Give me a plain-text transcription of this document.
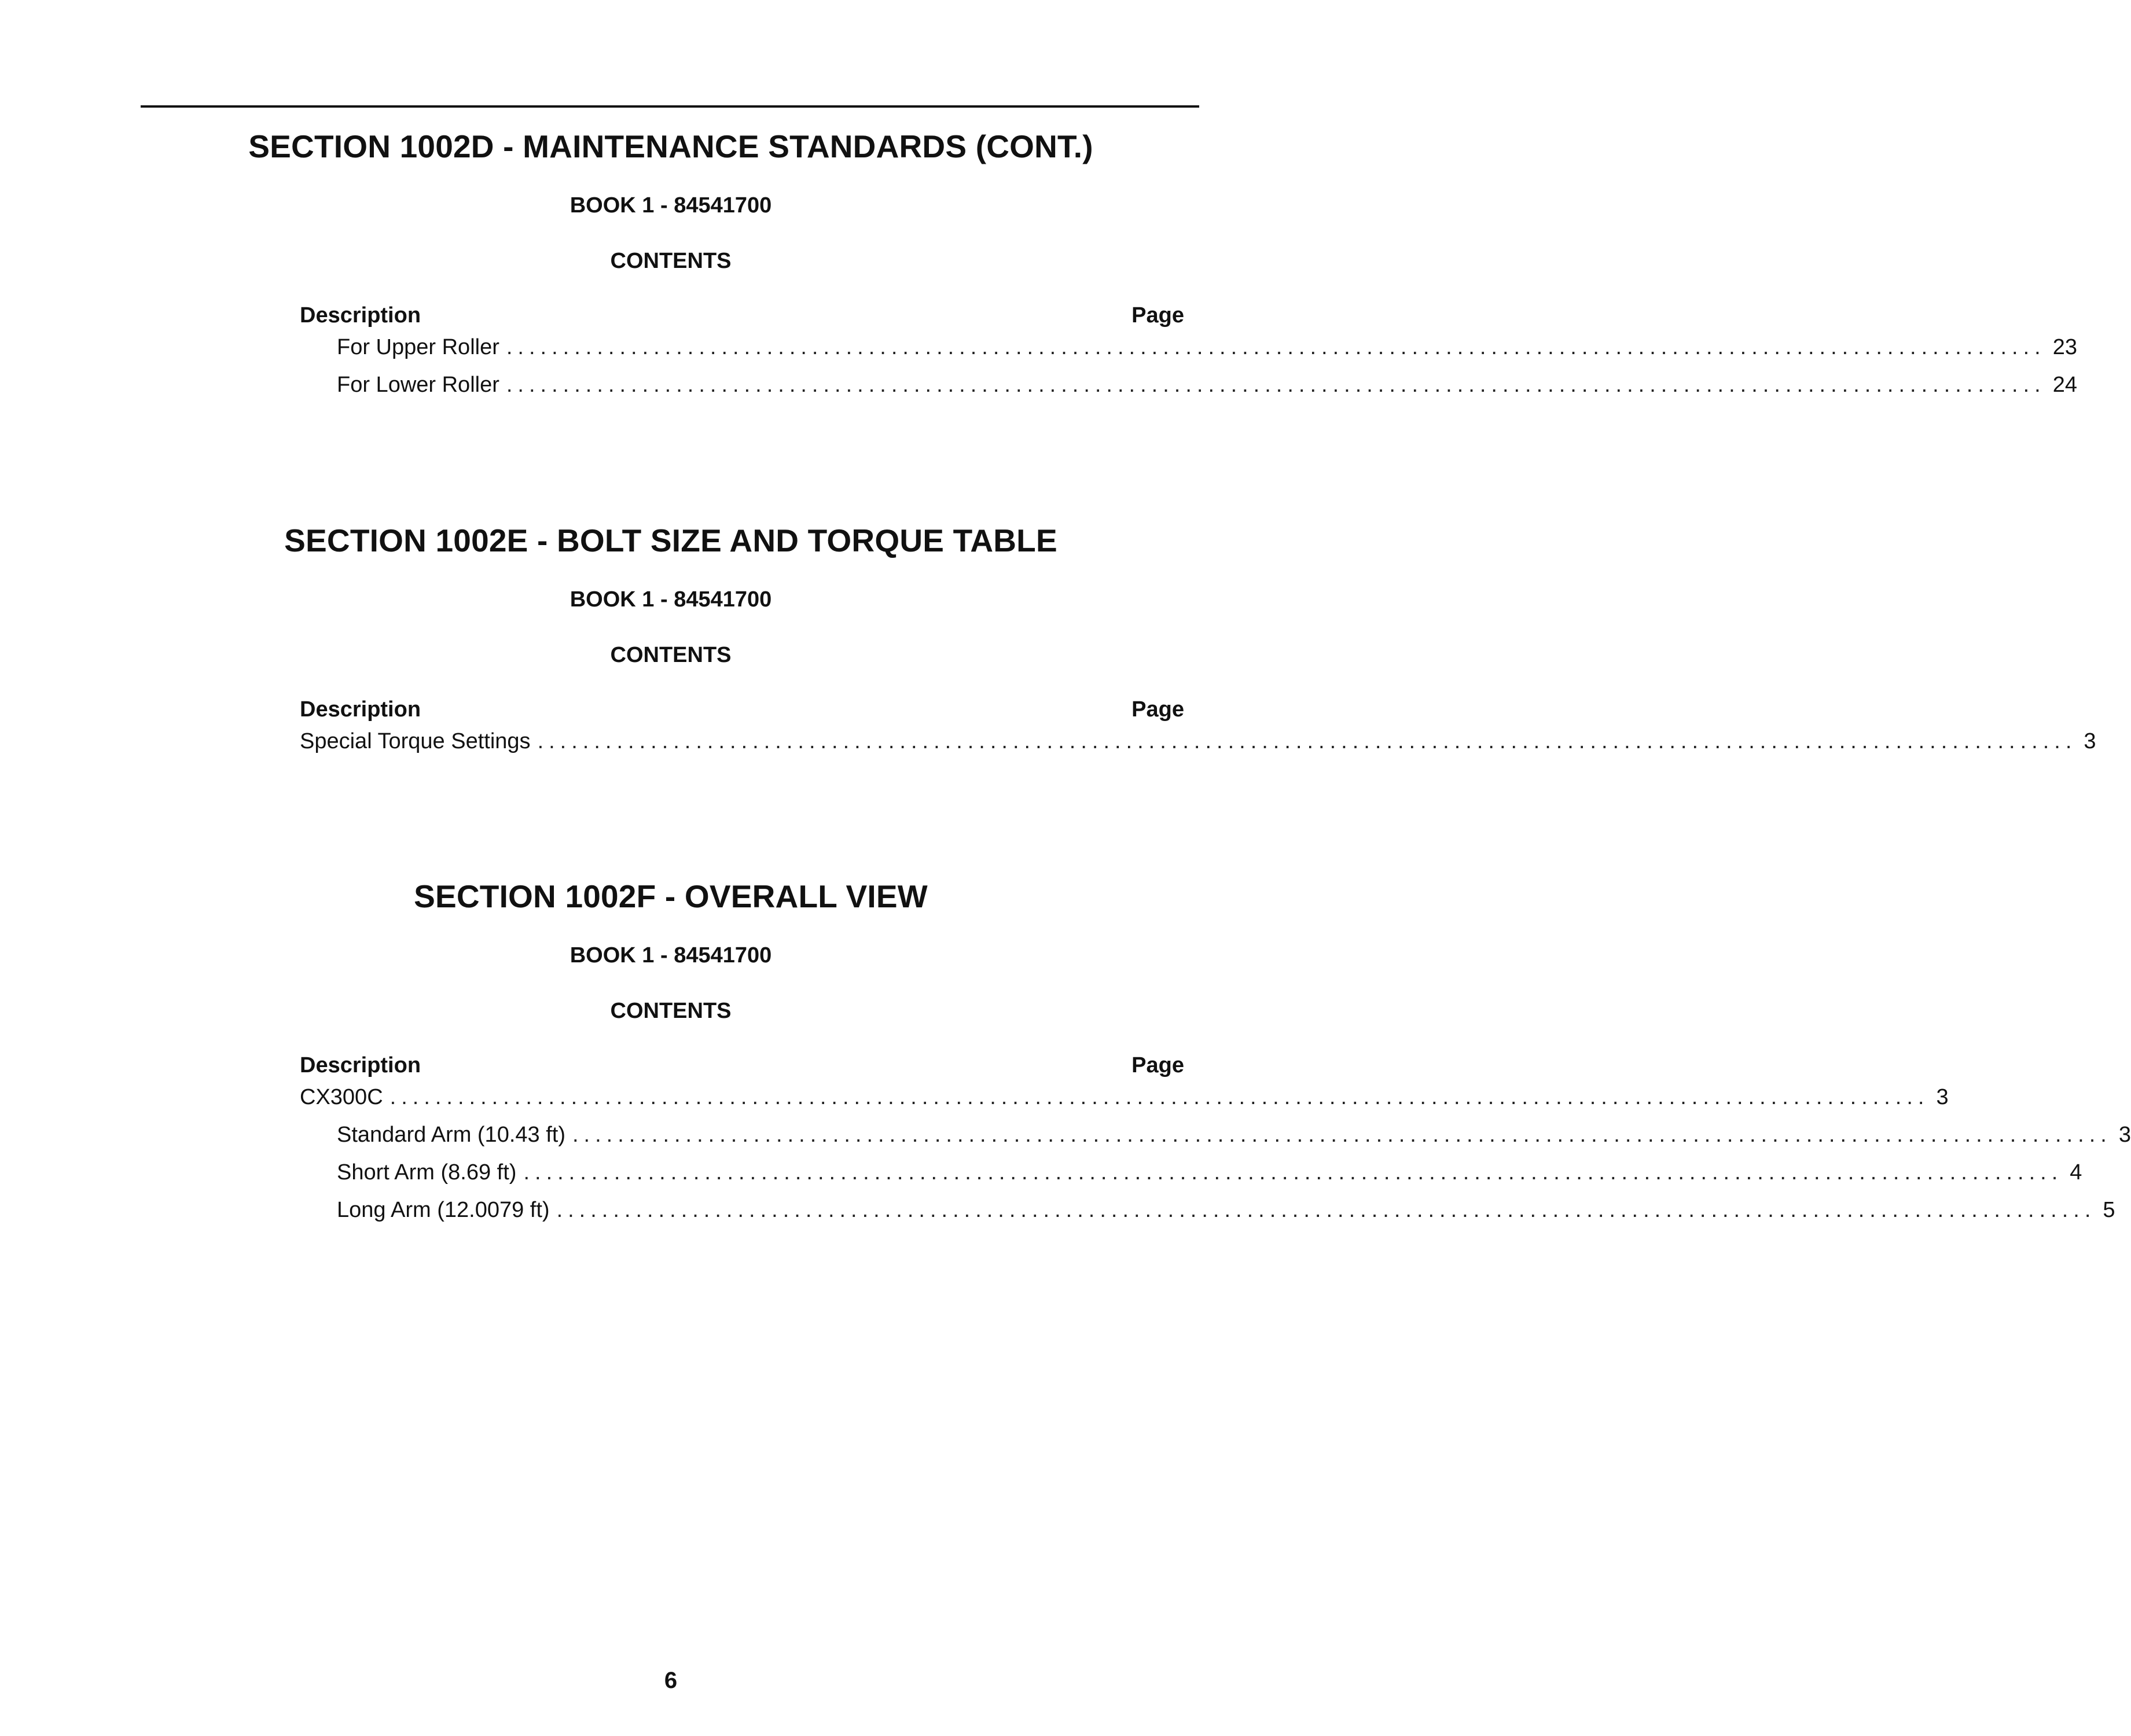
SECTION 1002D - MAINTENANCE STANDARDS (CONT.)
BOOK 1 - 84541700
CONTENTS
Description	Page
For Upper Roller ........................................................................................................................................ 23
For Lower Roller ........................................................................................................................................ 24
SECTION 1002E - BOLT SIZE AND TORQUE TABLE
BOOK 1 - 84541700
CONTENTS
Description	Page
Special Torque Settings ........................................................................................................................................ 3
SECTION 1002F - OVERALL VIEW
BOOK 1 - 84541700
CONTENTS
Description	Page
CX300C ........................................................................................................................................ 3
Standard Arm (10.43 ft) ........................................................................................................................................ 3
Short Arm (8.69 ft) ........................................................................................................................................ 4
Long Arm (12.0079 ft) ........................................................................................................................................ 5
6
